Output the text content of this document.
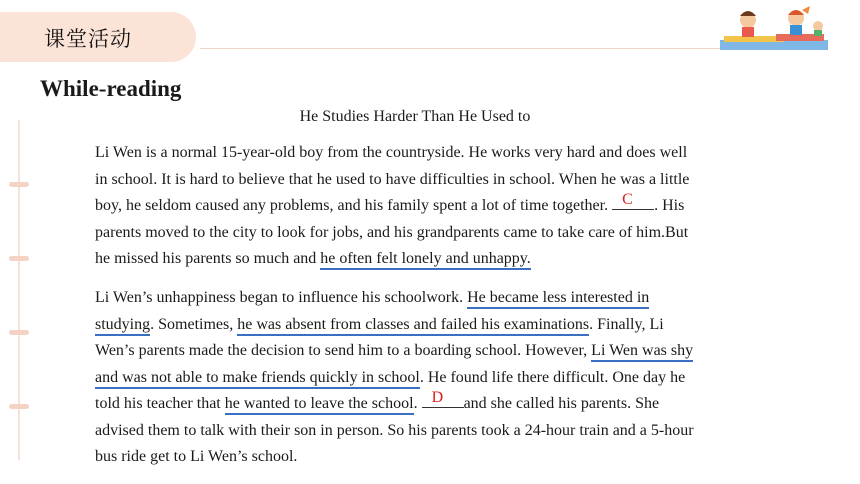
课堂活动
While-reading
He Studies Harder Than He Used to
Li Wen is a normal 15-year-old boy from the countryside. He works very hard and does well
in school. It is hard to believe that he used to have difficulties in school. When he was a little
boy, he seldom caused any problems, and his family spent a lot of time together. C . His
parents moved to the city to look for jobs, and his grandparents came to take care of him.But
he missed his parents so much and he often felt lonely and unhappy.
Li Wen’s unhappiness began to influence his schoolwork. He became less interested in
studying. Sometimes, he was absent from classes and failed his examinations. Finally, Li
Wen’s parents made the decision to send him to a boarding school. However, Li Wen was shy
and was not able to make friends quickly in school. He found life there difficult. One day he
told his teacher that he wanted to leave the school. D and she called his parents. She
advised them to talk with their son in person. So his parents took a 24-hour train and a 5-hour
bus ride get to Li Wen’s school.
